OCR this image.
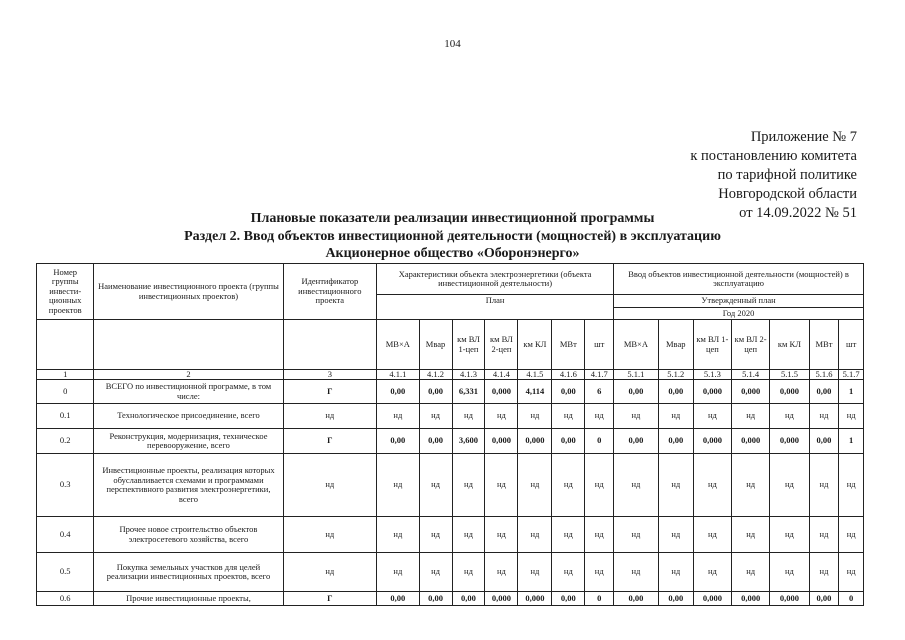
104
Приложение № 7
к постановлению комитета
по тарифной политике
Новгородской области
от 14.09.2022 № 51
Плановые показатели реализации инвестиционной программы
Раздел 2. Ввод объектов инвестиционной деятельности (мощностей) в эксплуатацию
Акционерное общество «Оборонэнерго»
Номер группы инвести-ционных проектов	Наименование инвестиционного проекта (группы инвестиционных проектов)	Идентификатор инвестиционного проекта	Характеристики объекта электроэнергетики (объекта инвестиционной деятельности)							Ввод объектов инвестиционной деятельности (мощностей) в эксплуатацию						
			План							Утвержденный план						
										Год 2020						
			МВ×А	Мвар	км ВЛ 1-цеп	км ВЛ 2-цеп	км КЛ	МВт	шт	МВ×А	Мвар	км ВЛ 1-цеп	км ВЛ 2-цеп	км КЛ	МВт	шт
1	2	3	4.1.1	4.1.2	4.1.3	4.1.4	4.1.5	4.1.6	4.1.7	5.1.1	5.1.2	5.1.3	5.1.4	5.1.5	5.1.6	5.1.7
0	ВСЕГО по инвестиционной программе, в том числе:	Г	0,00	0,00	6,331	0,000	4,114	0,00	6	0,00	0,00	0,000	0,000	0,000	0,00	1
0.1	Технологическое присоединение, всего	нд	нд	нд	нд	нд	нд	нд	нд	нд	нд	нд	нд	нд	нд	нд
0.2	Реконструкция, модернизация, техническое перевооружение, всего	Г	0,00	0,00	3,600	0,000	0,000	0,00	0	0,00	0,00	0,000	0,000	0,000	0,00	1
0.3	Инвестиционные проекты, реализация которых обуславливается схемами и программами перспективного развития электроэнергетики, всего	нд	нд	нд	нд	нд	нд	нд	нд	нд	нд	нд	нд	нд	нд	нд
0.4	Прочее новое строительство объектов электросетевого хозяйства, всего	нд	нд	нд	нд	нд	нд	нд	нд	нд	нд	нд	нд	нд	нд	нд
0.5	Покупка земельных участков для целей реализации инвестиционных проектов, всего	нд	нд	нд	нд	нд	нд	нд	нд	нд	нд	нд	нд	нд	нд	нд
0.6	Прочие инвестиционные проекты,	Г	0,00	0,00	0,00	0,000	0,000	0,00	0	0,00	0,00	0,000	0,000	0,000	0,00	0
